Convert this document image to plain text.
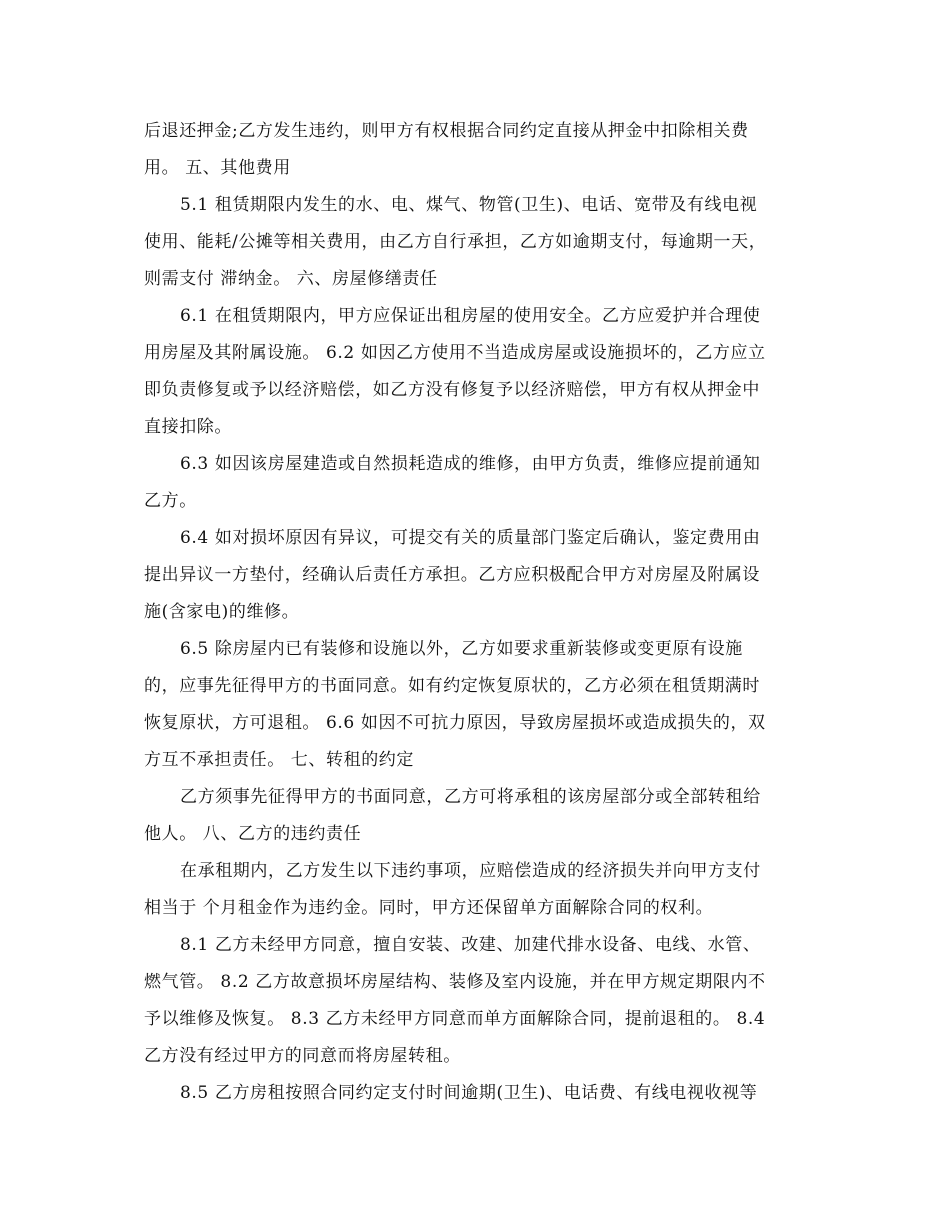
后退还押金;乙方发生违约，则甲方有权根据合同约定直接从押金中扣除相关费
用。 五、其他费用
5.1 租赁期限内发生的水、电、煤气、物管(卫生)、电话、宽带及有线电视
使用、能耗/公摊等相关费用，由乙方自行承担，乙方如逾期支付，每逾期一天，
则需支付 滞纳金。 六、房屋修缮责任
6.1 在租赁期限内，甲方应保证出租房屋的使用安全。乙方应爱护并合理使
用房屋及其附属设施。 6.2 如因乙方使用不当造成房屋或设施损坏的，乙方应立
即负责修复或予以经济赔偿，如乙方没有修复予以经济赔偿，甲方有权从押金中
直接扣除。
6.3 如因该房屋建造或自然损耗造成的维修，由甲方负责，维修应提前通知
乙方。
6.4 如对损坏原因有异议，可提交有关的质量部门鉴定后确认，鉴定费用由
提出异议一方垫付，经确认后责任方承担。乙方应积极配合甲方对房屋及附属设
施(含家电)的维修。
6.5 除房屋内已有装修和设施以外，乙方如要求重新装修或变更原有设施
的，应事先征得甲方的书面同意。如有约定恢复原状的，乙方必须在租赁期满时
恢复原状，方可退租。 6.6 如因不可抗力原因，导致房屋损坏或造成损失的，双
方互不承担责任。 七、转租的约定
乙方须事先征得甲方的书面同意，乙方可将承租的该房屋部分或全部转租给
他人。 八、乙方的违约责任
在承租期内，乙方发生以下违约事项，应赔偿造成的经济损失并向甲方支付
相当于 个月租金作为违约金。同时，甲方还保留单方面解除合同的权利。
8.1 乙方未经甲方同意，擅自安装、改建、加建代排水设备、电线、水管、
燃气管。 8.2 乙方故意损坏房屋结构、装修及室内设施，并在甲方规定期限内不
予以维修及恢复。 8.3 乙方未经甲方同意而单方面解除合同，提前退租的。 8.4
乙方没有经过甲方的同意而将房屋转租。
8.5 乙方房租按照合同约定支付时间逾期(卫生)、电话费、有线电视收视等
